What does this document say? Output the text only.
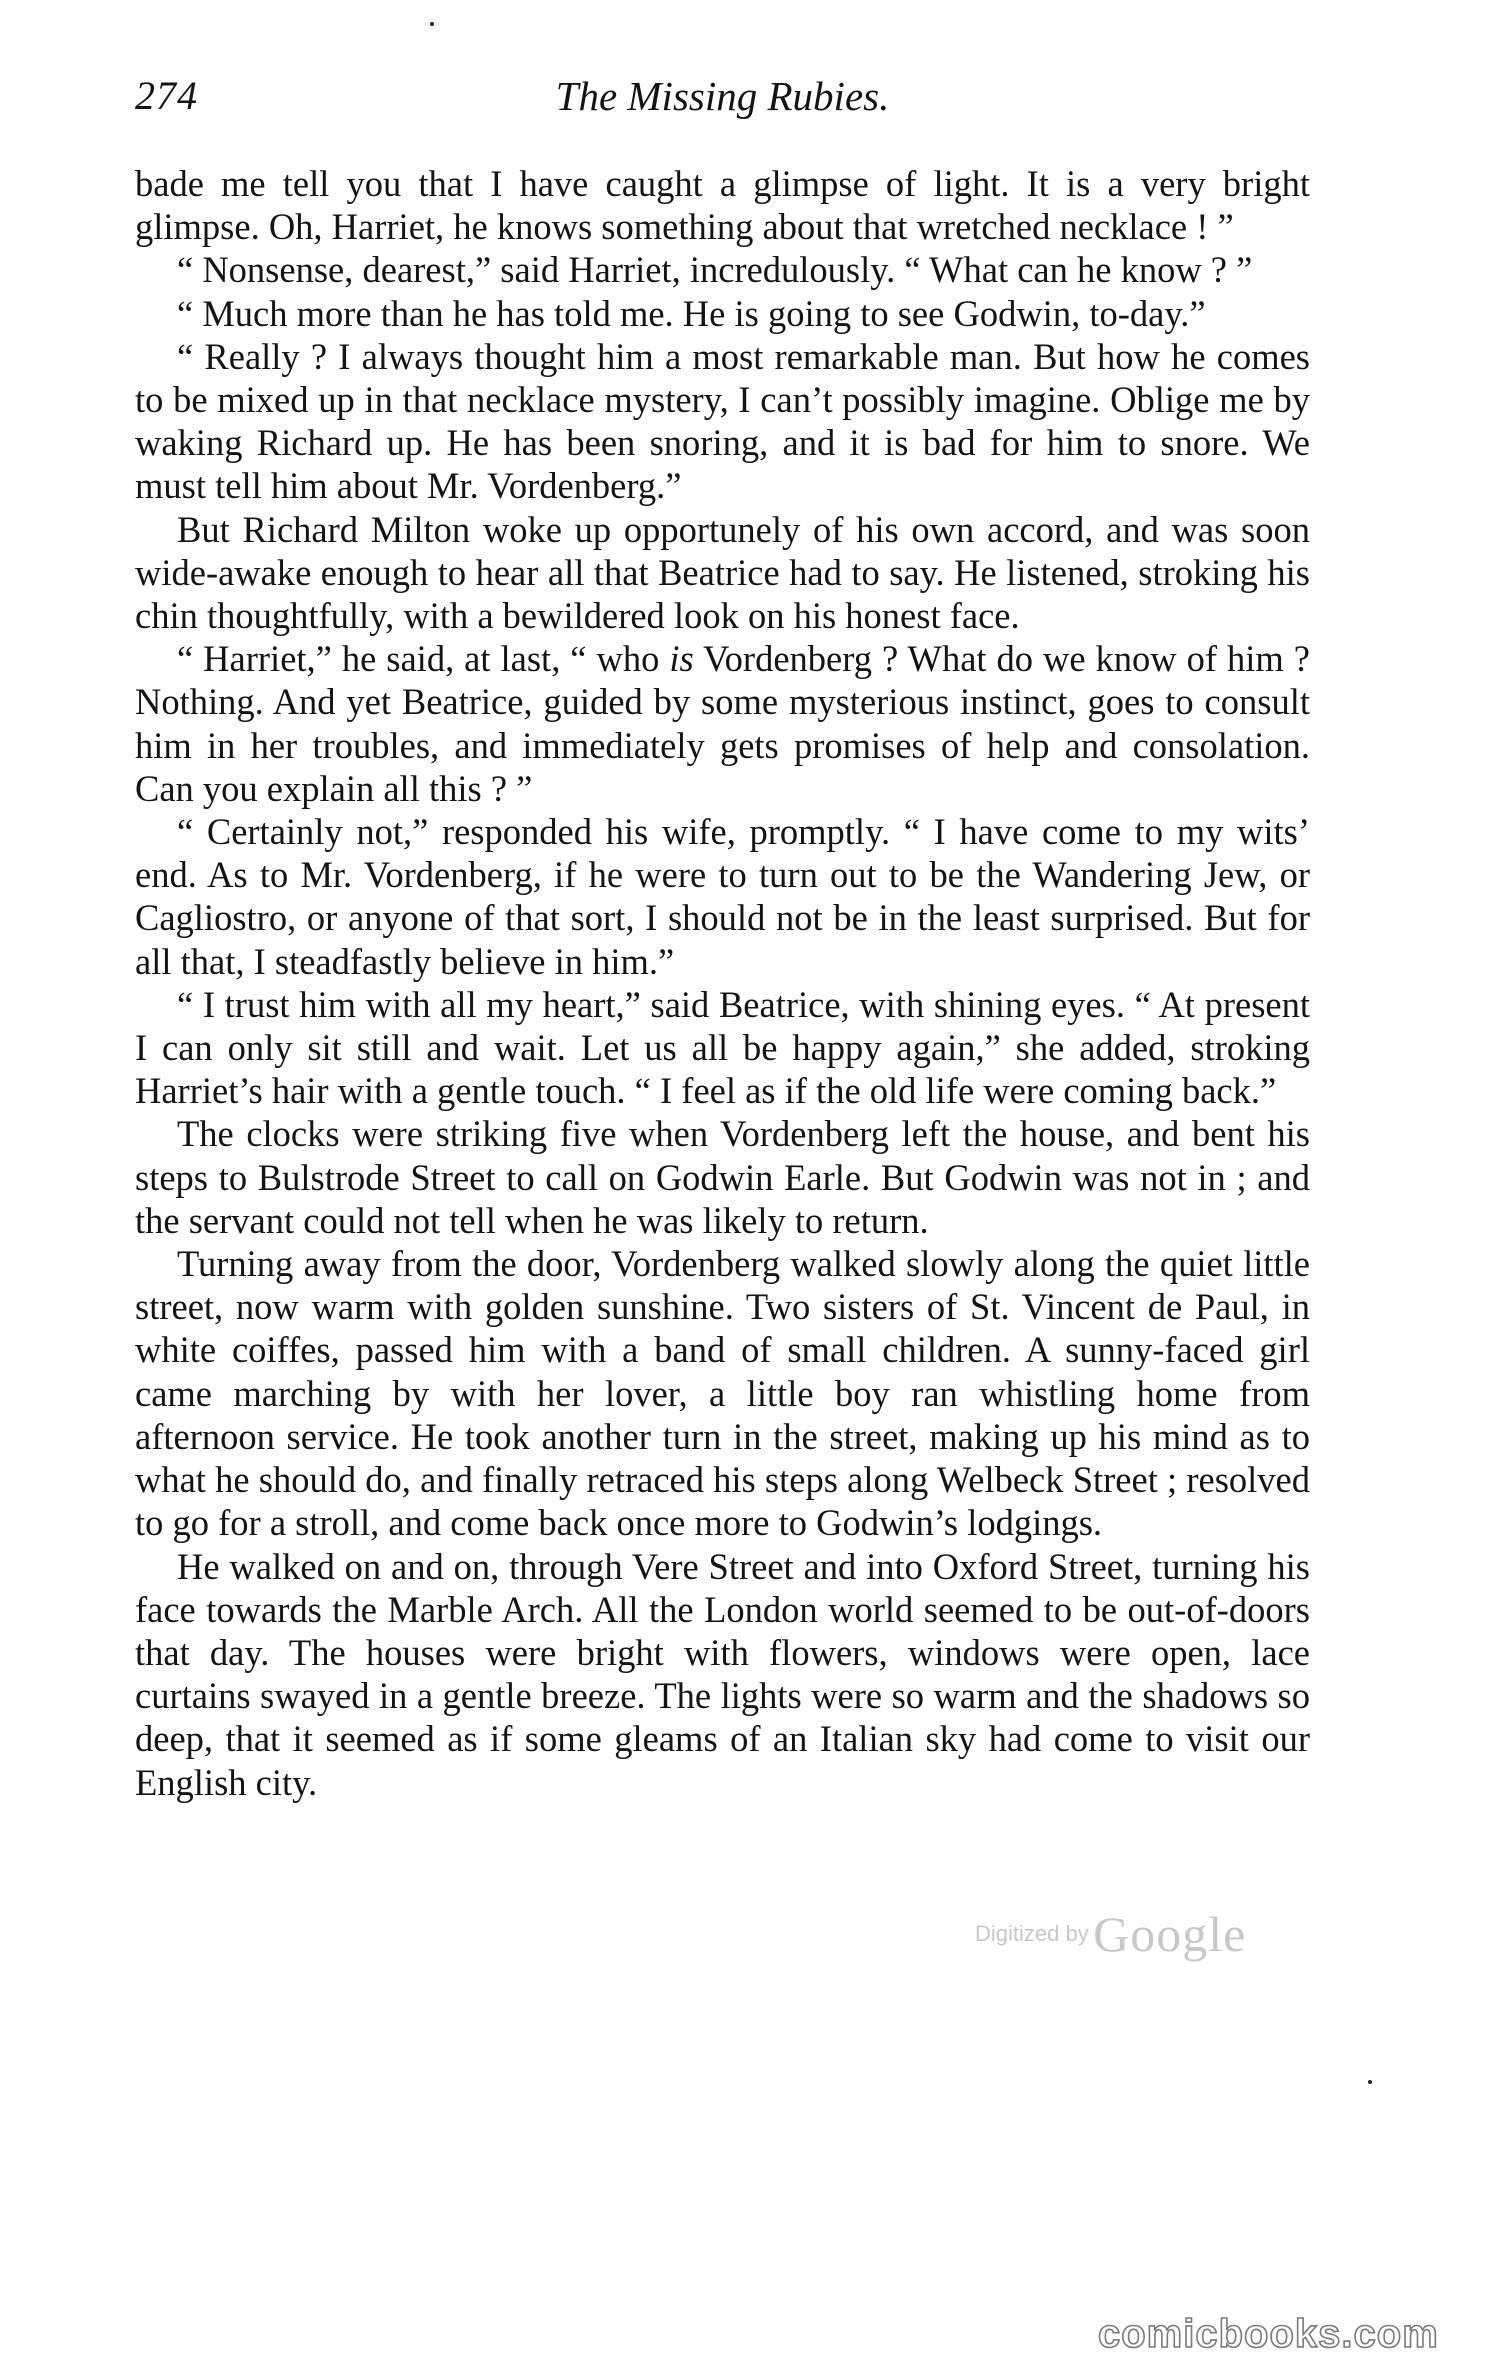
274	The Missing Rubies.

bade me tell you that I have caught a glimpse of light. It is a very bright glimpse. Oh, Harriet, he knows something about that wretched necklace ! ”

“ Nonsense, dearest,” said Harriet, incredulously. “ What can he know ? ”

“ Much more than he has told me. He is going to see Godwin, to-day.”

“ Really ? I always thought him a most remarkable man. But how he comes to be mixed up in that necklace mystery, I can’t possibly imagine. Oblige me by waking Richard up. He has been snoring, and it is bad for him to snore. We must tell him about Mr. Vordenberg.”

But Richard Milton woke up opportunely of his own accord, and was soon wide-awake enough to hear all that Beatrice had to say. He listened, stroking his chin thoughtfully, with a bewildered look on his honest face.

“ Harriet,” he said, at last, “ who is Vordenberg ? What do we know of him ? Nothing. And yet Beatrice, guided by some mysterious instinct, goes to consult him in her troubles, and immediately gets promises of help and consolation. Can you explain all this ? ”

“ Certainly not,” responded his wife, promptly. “ I have come to my wits’ end. As to Mr. Vordenberg, if he were to turn out to be the Wandering Jew, or Cagliostro, or anyone of that sort, I should not be in the least surprised. But for all that, I steadfastly believe in him.”

“ I trust him with all my heart,” said Beatrice, with shining eyes. “ At present I can only sit still and wait. Let us all be happy again,” she added, stroking Harriet’s hair with a gentle touch. “ I feel as if the old life were coming back.”

The clocks were striking five when Vordenberg left the house, and bent his steps to Bulstrode Street to call on Godwin Earle. But Godwin was not in ; and the servant could not tell when he was likely to return.

Turning away from the door, Vordenberg walked slowly along the quiet little street, now warm with golden sunshine. Two sisters of St. Vincent de Paul, in white coiffes, passed him with a band of small children. A sunny-faced girl came marching by with her lover, a little boy ran whistling home from afternoon service. He took another turn in the street, making up his mind as to what he should do, and finally retraced his steps along Welbeck Street ; resolved to go for a stroll, and come back once more to Godwin’s lodgings.

He walked on and on, through Vere Street and into Oxford Street, turning his face towards the Marble Arch. All the London world seemed to be out-of-doors that day. The houses were bright with flowers, windows were open, lace curtains swayed in a gentle breeze. The lights were so warm and the shadows so deep, that it seemed as if some gleams of an Italian sky had come to visit our English city.

Digitized by Google
comicbooks.com
